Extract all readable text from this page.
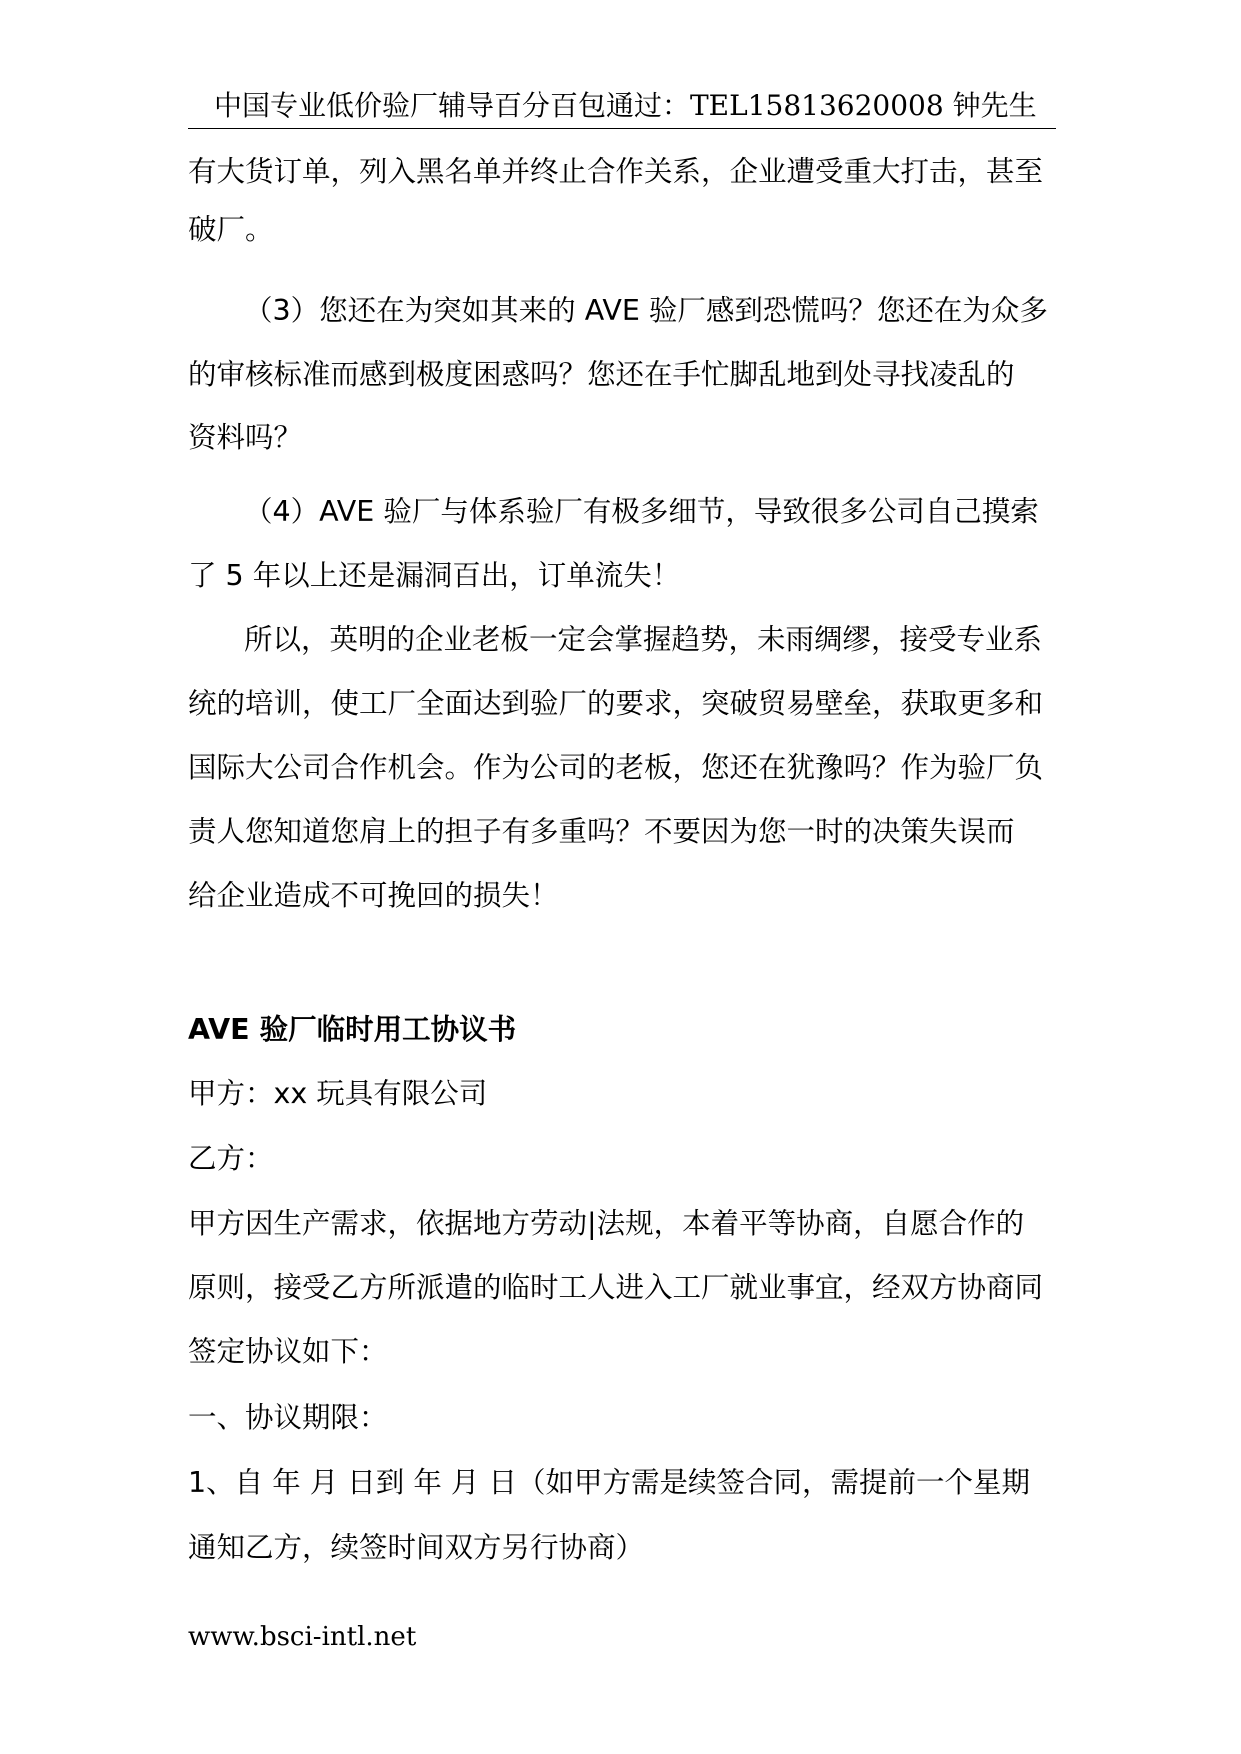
中国专业低价验厂辅导百分百包通过：TEL15813620008 钟先生
有大货订单，列入黑名单并终止合作关系，企业遭受重大打击，甚至
破厂。
（3）您还在为突如其来的 AVE 验厂感到恐慌吗？您还在为众多
的审核标准而感到极度困惑吗？您还在手忙脚乱地到处寻找凌乱的
资料吗？
（4）AVE 验厂与体系验厂有极多细节，导致很多公司自己摸索
了 5 年以上还是漏洞百出，订单流失！
所以，英明的企业老板一定会掌握趋势，未雨绸缪，接受专业系
统的培训，使工厂全面达到验厂的要求，突破贸易壁垒，获取更多和
国际大公司合作机会。作为公司的老板，您还在犹豫吗？作为验厂负
责人您知道您肩上的担子有多重吗？不要因为您一时的决策失误而
给企业造成不可挽回的损失！
AVE 验厂临时用工协议书
甲方：xx 玩具有限公司
乙方：
甲方因生产需求，依据地方劳动|法规，本着平等协商，自愿合作的
原则，接受乙方所派遣的临时工人进入工厂就业事宜，经双方协商同
签定协议如下：
一、协议期限：
1、自 年 月 日到 年 月 日（如甲方需是续签合同，需提前一个星期
通知乙方，续签时间双方另行协商）
www.bsci-intl.net
